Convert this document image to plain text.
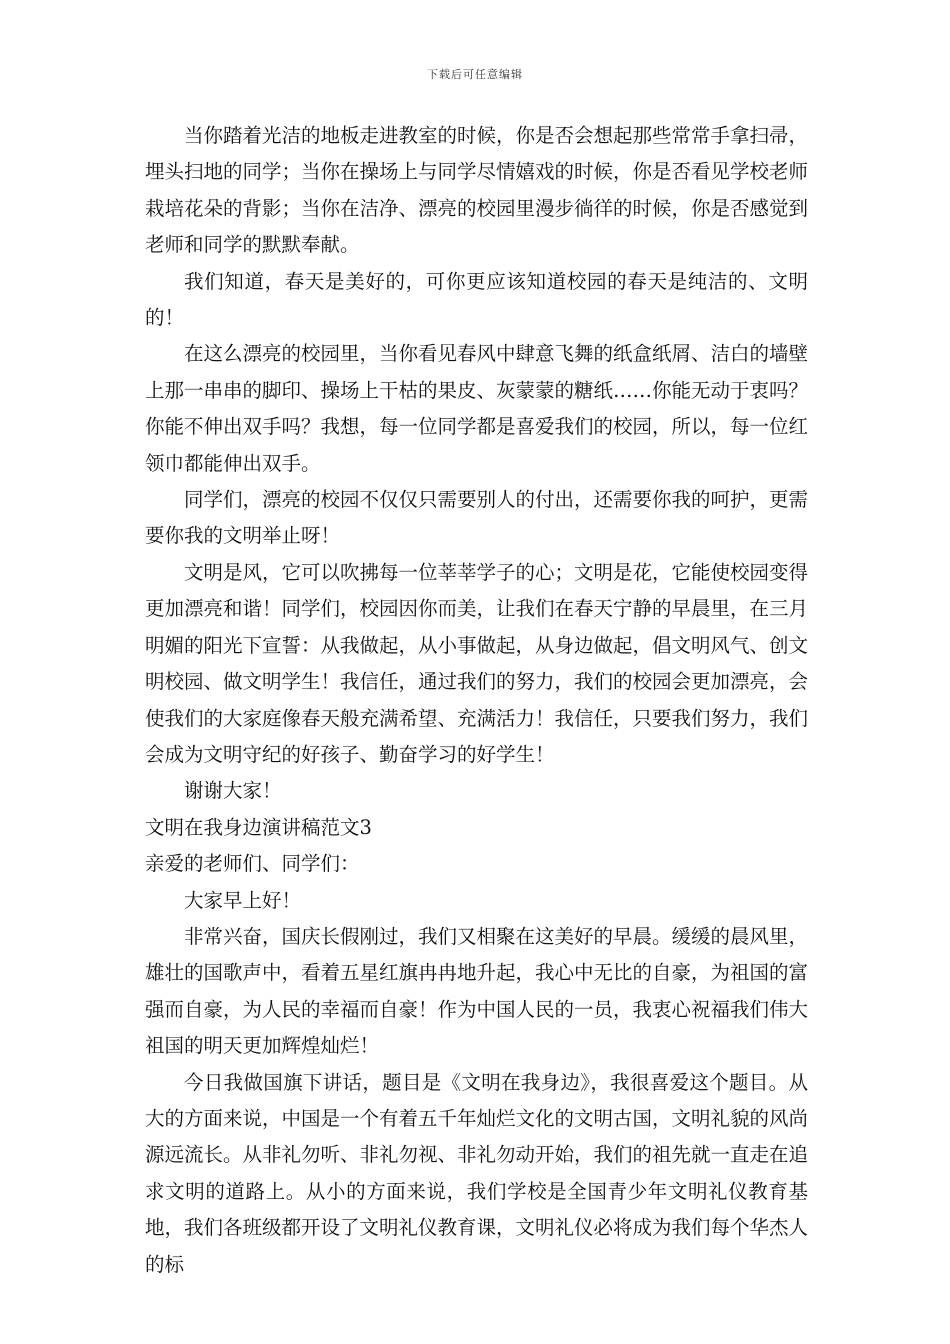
下载后可任意编辑

当你踏着光洁的地板走进教室的时候，你是否会想起那些常常手拿扫帚，埋头扫地的同学；当你在操场上与同学尽情嬉戏的时候，你是否看见学校老师栽培花朵的背影；当你在洁净、漂亮的校园里漫步徜徉的时候，你是否感觉到老师和同学的默默奉献。

我们知道，春天是美好的，可你更应该知道校园的春天是纯洁的、文明的！

在这么漂亮的校园里，当你看见春风中肆意飞舞的纸盒纸屑、洁白的墙壁上那一串串的脚印、操场上干枯的果皮、灰蒙蒙的糖纸……你能无动于衷吗？你能不伸出双手吗？我想，每一位同学都是喜爱我们的校园，所以，每一位红领巾都能伸出双手。

同学们，漂亮的校园不仅仅只需要别人的付出，还需要你我的呵护，更需要你我的文明举止呀！

文明是风，它可以吹拂每一位莘莘学子的心；文明是花，它能使校园变得更加漂亮和谐！同学们，校园因你而美，让我们在春天宁静的早晨里，在三月明媚的阳光下宣誓：从我做起，从小事做起，从身边做起，倡文明风气、创文明校园、做文明学生！我信任，通过我们的努力，我们的校园会更加漂亮，会使我们的大家庭像春天般充满希望、充满活力！我信任，只要我们努力，我们会成为文明守纪的好孩子、勤奋学习的好学生！

谢谢大家！

文明在我身边演讲稿范文3

亲爱的老师们、同学们：

大家早上好！

非常兴奋，国庆长假刚过，我们又相聚在这美好的早晨。缓缓的晨风里，雄壮的国歌声中，看着五星红旗冉冉地升起，我心中无比的自豪，为祖国的富强而自豪，为人民的幸福而自豪！作为中国人民的一员，我衷心祝福我们伟大祖国的明天更加辉煌灿烂！

今日我做国旗下讲话，题目是《文明在我身边》，我很喜爱这个题目。从大的方面来说，中国是一个有着五千年灿烂文化的文明古国，文明礼貌的风尚源远流长。从非礼勿听、非礼勿视、非礼勿动开始，我们的祖先就一直走在追求文明的道路上。从小的方面来说，我们学校是全国青少年文明礼仪教育基地，我们各班级都开设了文明礼仪教育课，文明礼仪必将成为我们每个华杰人的标
